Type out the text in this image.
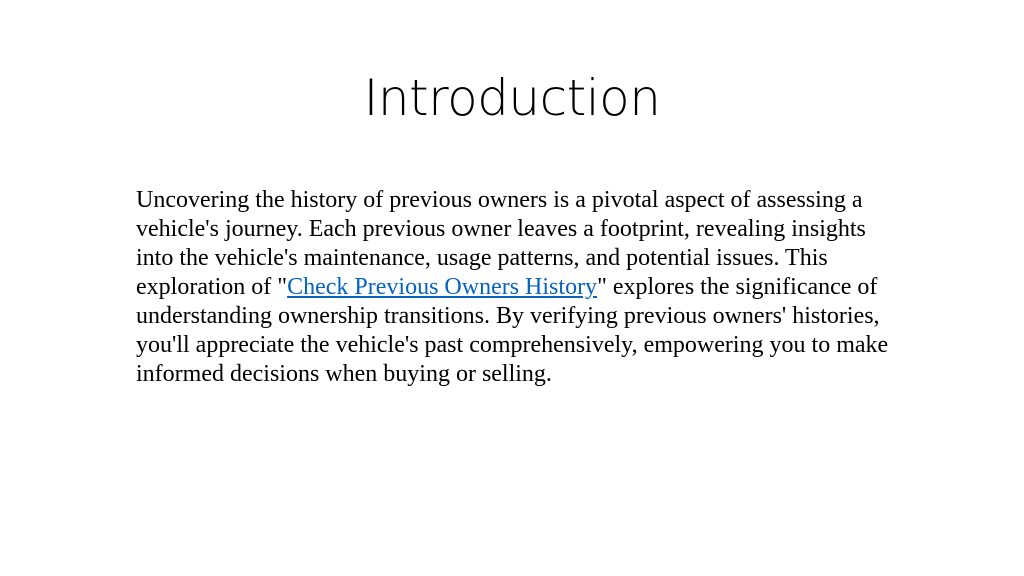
Introduction
Uncovering the history of previous owners is a pivotal aspect of assessing a vehicle's journey. Each previous owner leaves a footprint, revealing insights into the vehicle's maintenance, usage patterns, and potential issues. This exploration of "Check Previous Owners History" explores the significance of understanding ownership transitions. By verifying previous owners' histories, you'll appreciate the vehicle's past comprehensively, empowering you to make informed decisions when buying or selling.
